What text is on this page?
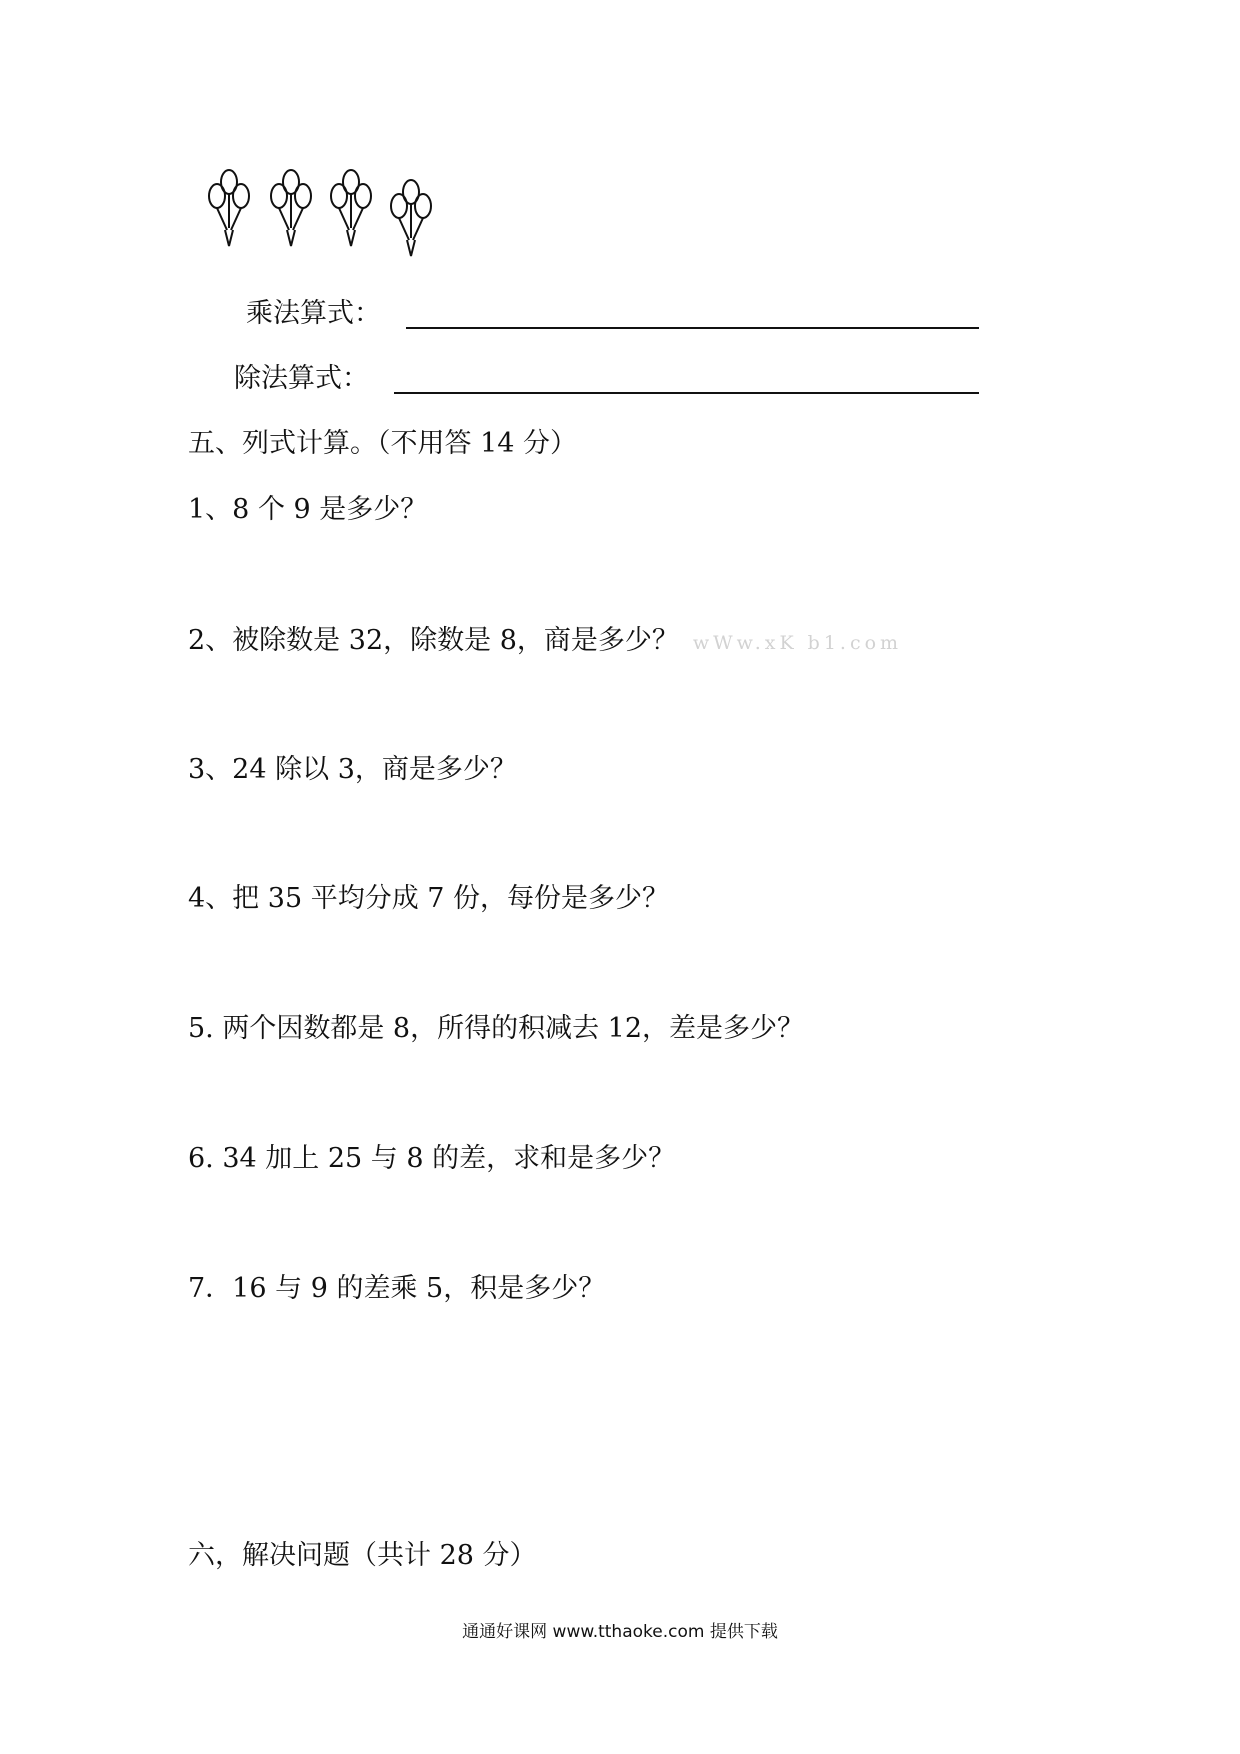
乘法算式：
除法算式：
五、列式计算。（不用答 14 分）
1、8 个 9 是多少？
2、被除数是 32，除数是 8，商是多少？ wWw.xK b1.com
3、24 除以 3，商是多少？
4、把 35 平均分成 7 份，每份是多少？
5. 两个因数都是 8，所得的积减去 12，差是多少？
6. 34 加上 25 与 8 的差，求和是多少？
7．16 与 9 的差乘 5，积是多少？
六，解决问题（共计 28 分）
通通好课网 www.tthaoke.com 提供下载
